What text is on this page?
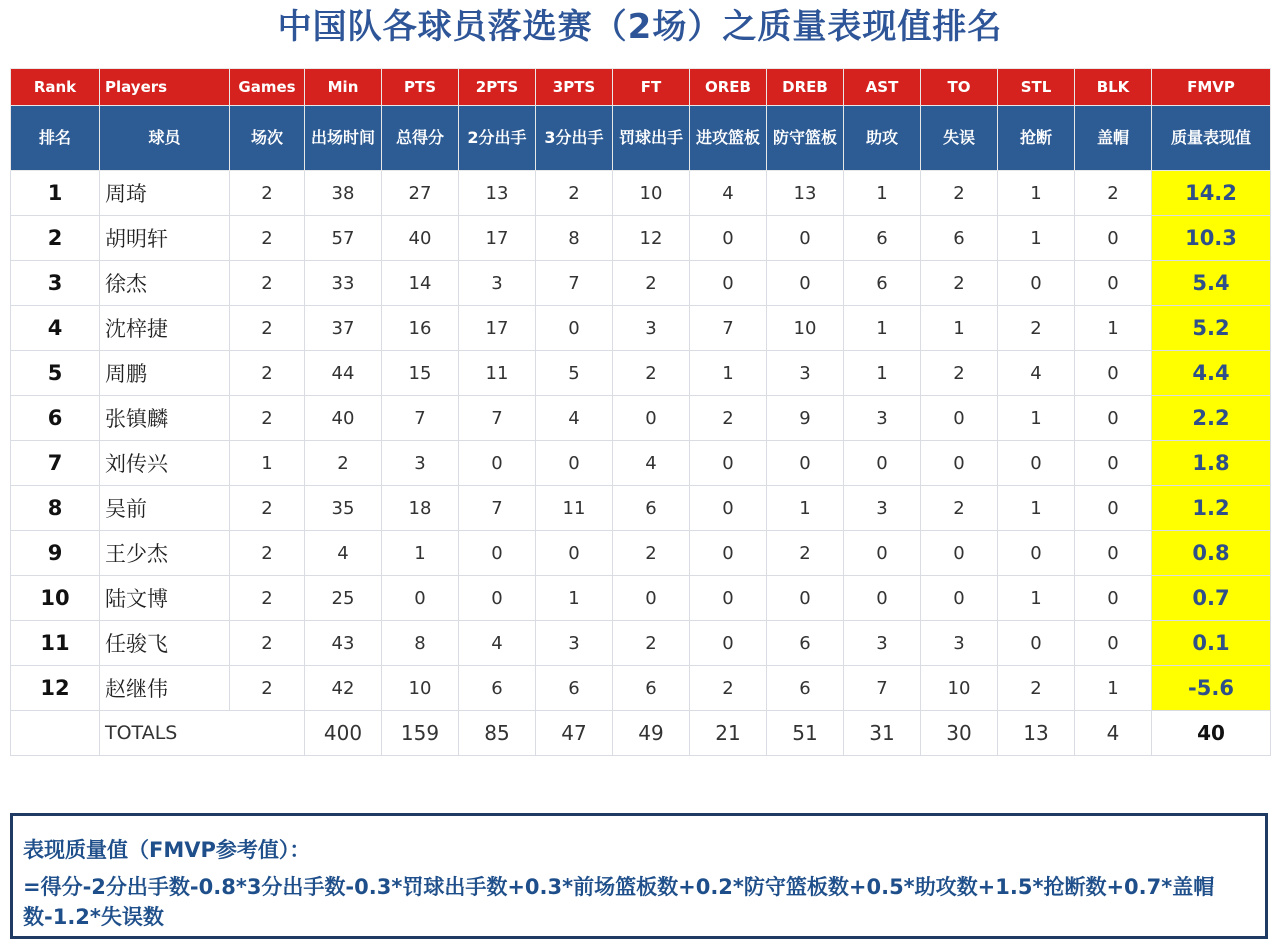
中国队各球员落选赛（2场）之质量表现值排名
Rank	Players	Games	Min	PTS	2PTS	3PTS	FT	OREB	DREB	AST	TO	STL	BLK	FMVP
排名	球员	场次	出场时间	总得分	2分出手	3分出手	罚球出手	进攻篮板	防守篮板	助攻	失误	抢断	盖帽	质量表现值
1	周琦	2	38	27	13	2	10	4	13	1	2	1	2	14.2
2	胡明轩	2	57	40	17	8	12	0	0	6	6	1	0	10.3
3	徐杰	2	33	14	3	7	2	0	0	6	2	0	0	5.4
4	沈梓捷	2	37	16	17	0	3	7	10	1	1	2	1	5.2
5	周鹏	2	44	15	11	5	2	1	3	1	2	4	0	4.4
6	张镇麟	2	40	7	7	4	0	2	9	3	0	1	0	2.2
7	刘传兴	1	2	3	0	0	4	0	0	0	0	0	0	1.8
8	吴前	2	35	18	7	11	6	0	1	3	2	1	0	1.2
9	王少杰	2	4	1	0	0	2	0	2	0	0	0	0	0.8
10	陆文博	2	25	0	0	1	0	0	0	0	0	1	0	0.7
11	任骏飞	2	43	8	4	3	2	0	6	3	3	0	0	0.1
12	赵继伟	2	42	10	6	6	6	2	6	7	10	2	1	-5.6
	TOTALS		400	159	85	47	49	21	51	31	30	13	4	40
表现质量值（FMVP参考值）：
=得分-2分出手数-0.8*3分出手数-0.3*罚球出手数+0.3*前场篮板数+0.2*防守篮板数+0.5*助攻数+1.5*抢断数+0.7*盖帽数-1.2*失误数
